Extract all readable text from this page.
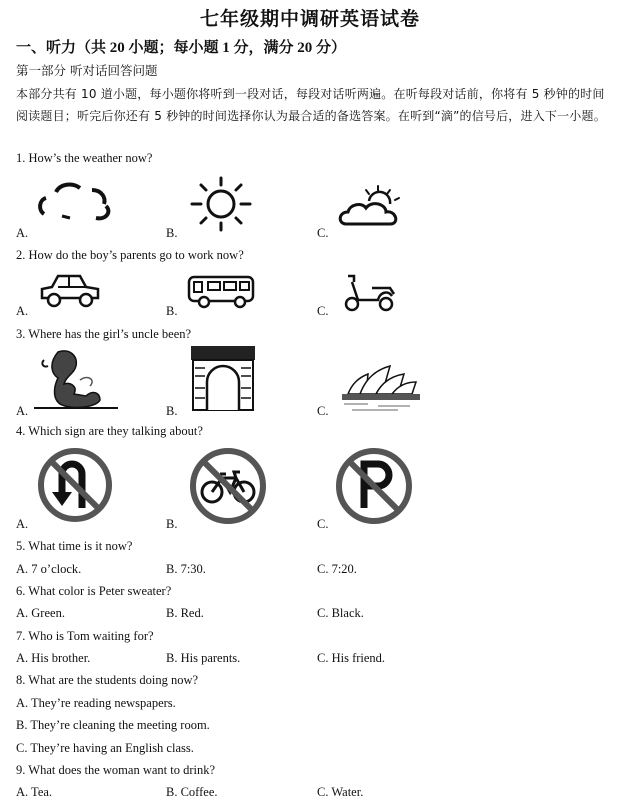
七年级期中调研英语试卷
一、听力（共 20 小题；每小题 1 分，满分 20 分）
第一部分 听对话回答问题
本部分共有 10 道小题，每小题你将听到一段对话，每段对话听两遍。在听每段对话前，你将有 5 秒钟的时间阅读题目；听完后你还有 5 秒钟的时间选择你认为最合适的备选答案。在听到“滴”的信号后，进入下一小题。
1. How’s the weather now?
A.	B.	C.
2. How do the boy’s parents go to work now?
A.	B.	C.
3. Where has the girl’s uncle been?
A.	B.	C.
4. Which sign are they talking about?
A.	B.	C.
5. What time is it now?
A. 7 o’clock.	B. 7:30.	C. 7:20.
6. What color is Peter sweater?
A. Green.	B. Red.	C. Black.
7. Who is Tom waiting for?
A. His brother.	B. His parents.	C. His friend.
8. What are the students doing now?
A. They’re reading newspapers.
B. They’re cleaning the meeting room.
C. They’re having an English class.
9. What does the woman want to drink?
A. Tea.	B. Coffee.	C. Water.
